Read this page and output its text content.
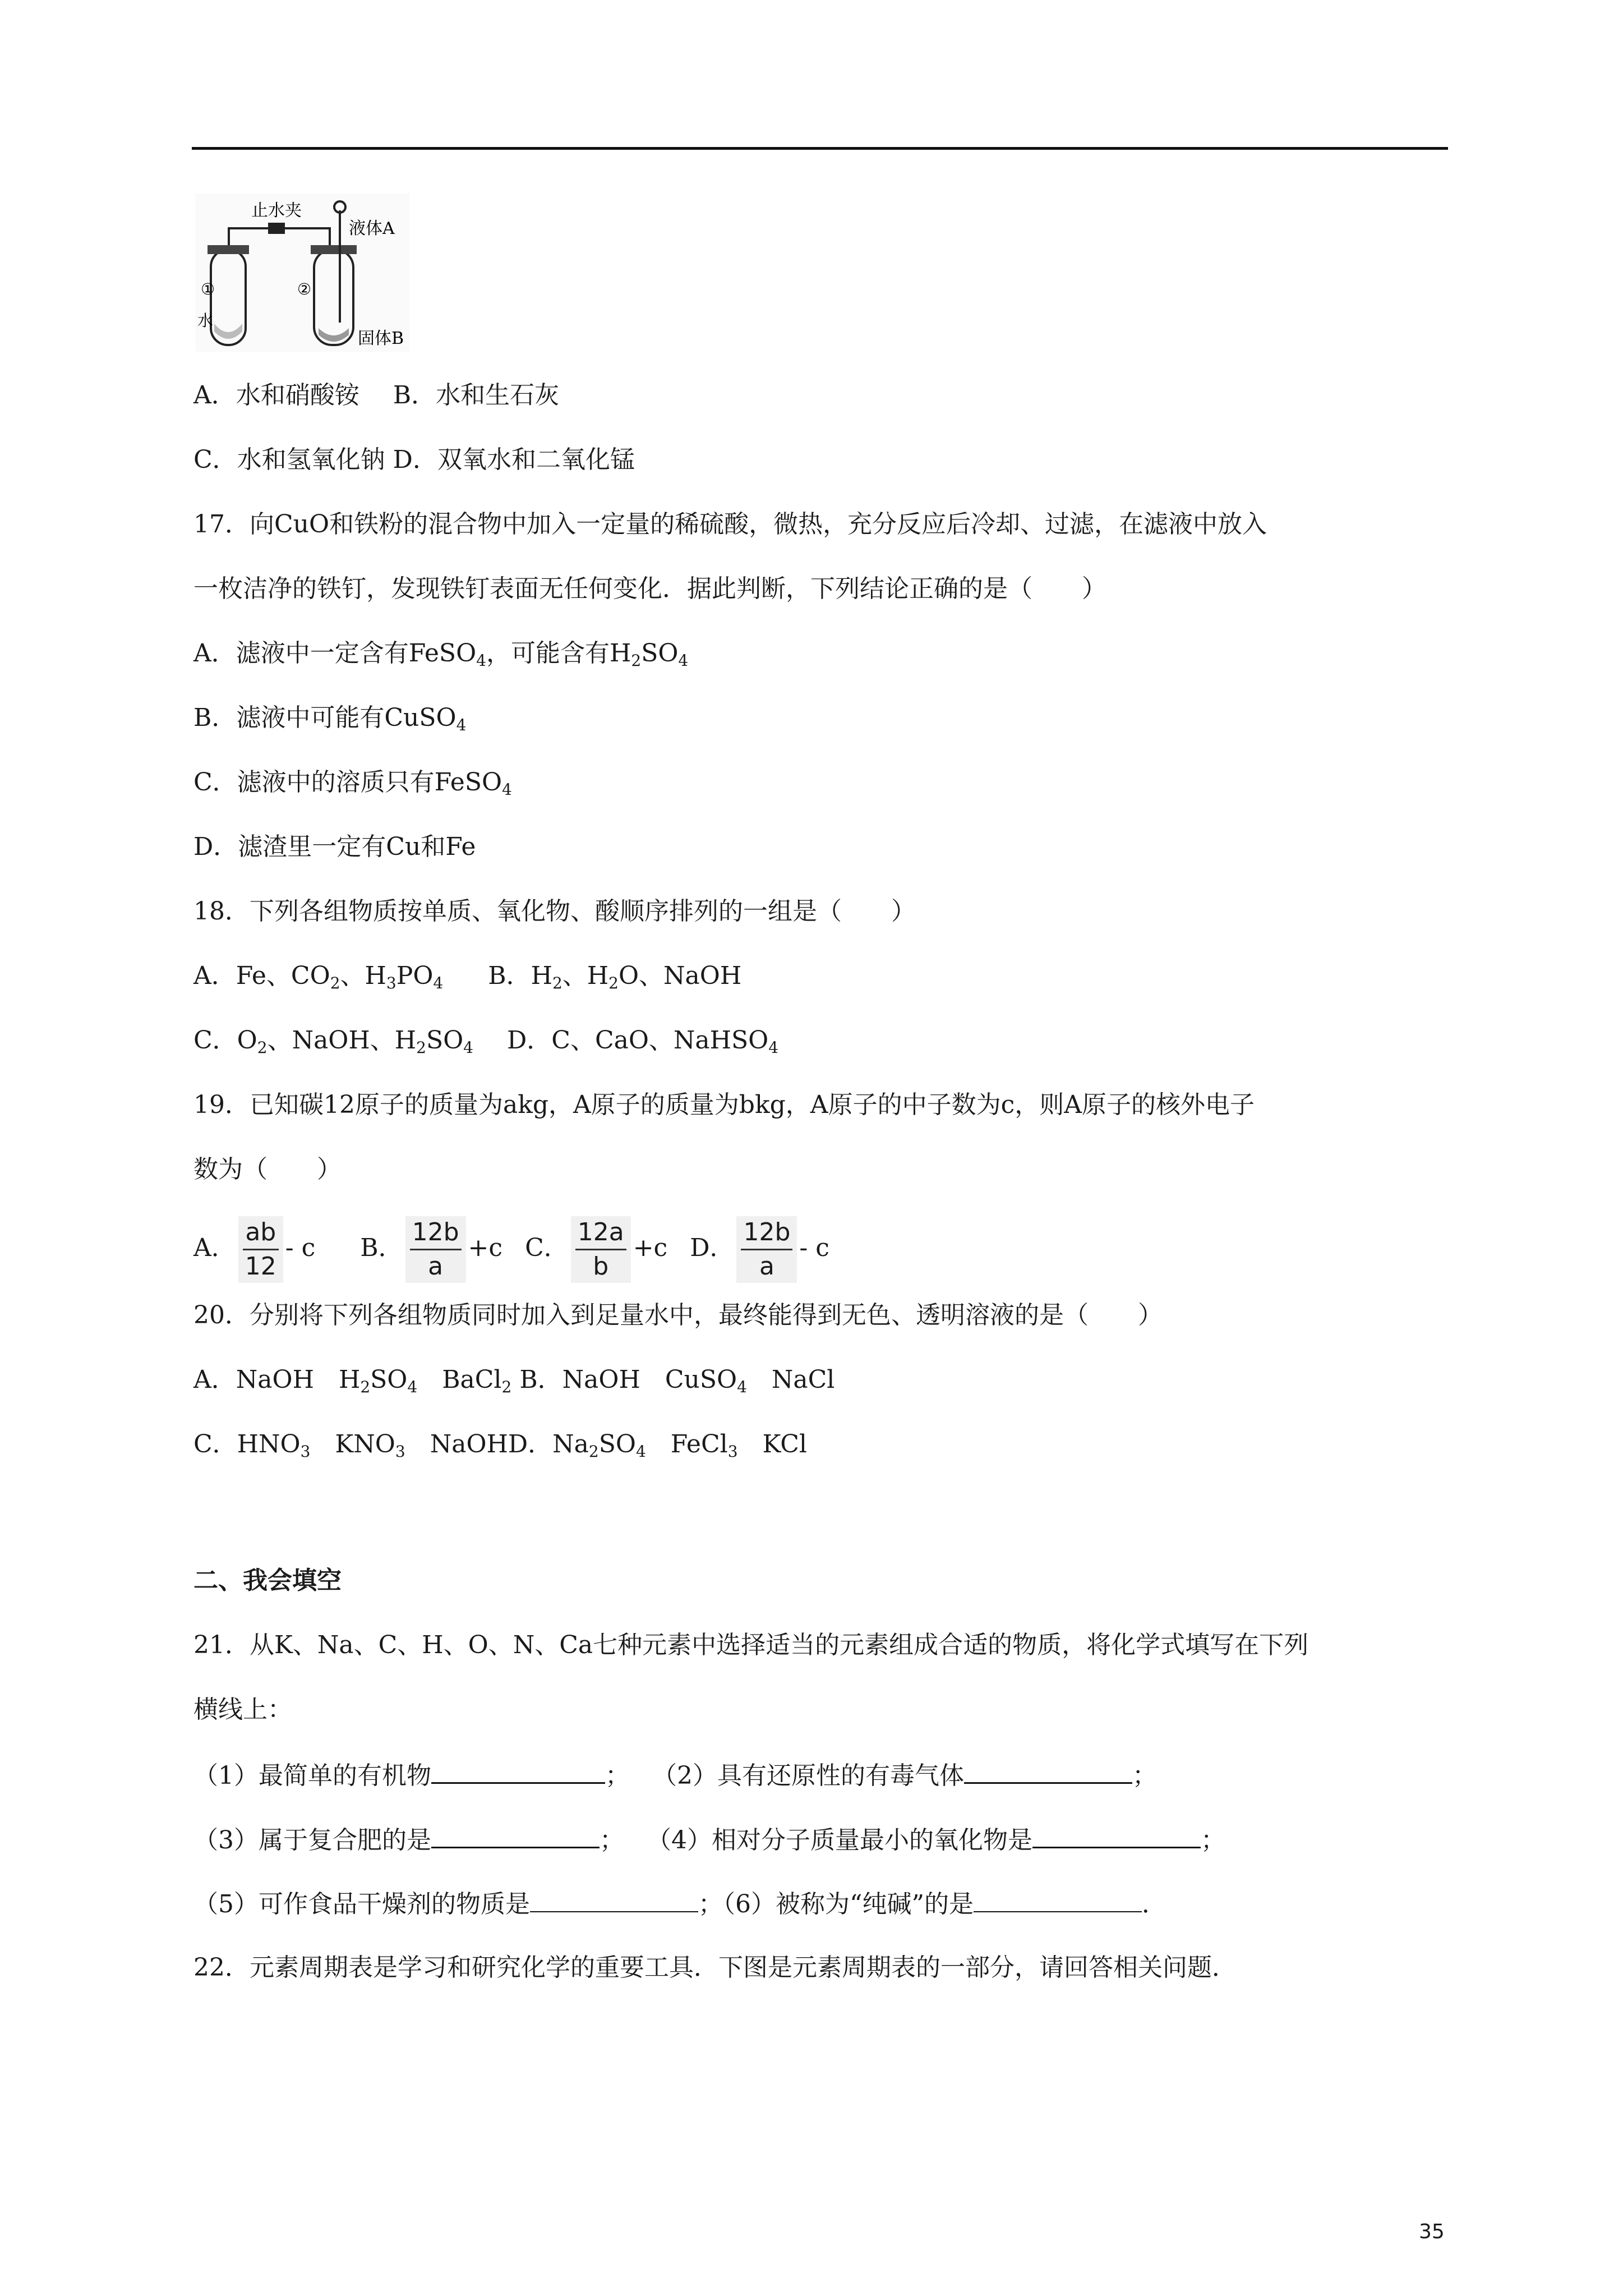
止水夹
液体A
①	②
水
固体B
A．水和硝酸铵 B．水和生石灰
C．水和氢氧化钠 D．双氧水和二氧化锰
17．向CuO和铁粉的混合物中加入一定量的稀硫酸，微热，充分反应后冷却、过滤，在滤液中放入
一枚洁净的铁钉，发现铁钉表面无任何变化．据此判断，下列结论正确的是（　　）
A．滤液中一定含有FeSO$_4$，可能含有$H_2SO_4$
B．滤液中可能有CuSO$_4$
C．滤液中的溶质只有FeSO$_4$
D．滤渣里一定有Cu和Fe
18．下列各组物质按单质、氧化物、酸顺序排列的一组是（　　）
A．Fe、$CO_2$、$H_3PO_4$ B．$H_2$、$H_2O$、NaOH
C．$O_2$、NaOH、$H_2SO_4$ D．C、CaO、NaHSO$_4$
19．已知碳12原子的质量为akg，A原子的质量为bkg，A原子的中子数为c，则A原子的核外电子
数为（　　）
A． $\frac{ab}{12}$ - c B． $\frac{12b}{a} +c$ C． $\frac{12a}{b} +c$ D． $\frac{12b}{a}$ - c
20．分别将下列各组物质同时加入到足量水中，最终能得到无色、透明溶液的是（　　）
A．NaOH　$H_2SO_4$　BaCl$_2$ B．NaOH　CuSO$_4$　NaCl
C．$HNO_3$　$KNO_3$　NaOHD．$Na_2SO_4$　FeCl$_3$　KCl
二、我会填空
21．从K、Na、C、H、O、N、Ca七种元素中选择适当的元素组成合适的物质，将化学式填写在下列
横线上：
（1）最简单的有机物	； （2）具有还原性的有毒气体	；
（3）属于复合肥的是	； （4）相对分子质量最小的氧化物是	；
（5）可作食品干燥剂的物质是	；（6）被称为“纯碱”的是	．
22．元素周期表是学习和研究化学的重要工具．下图是元素周期表的一部分，请回答相关问题．
35
